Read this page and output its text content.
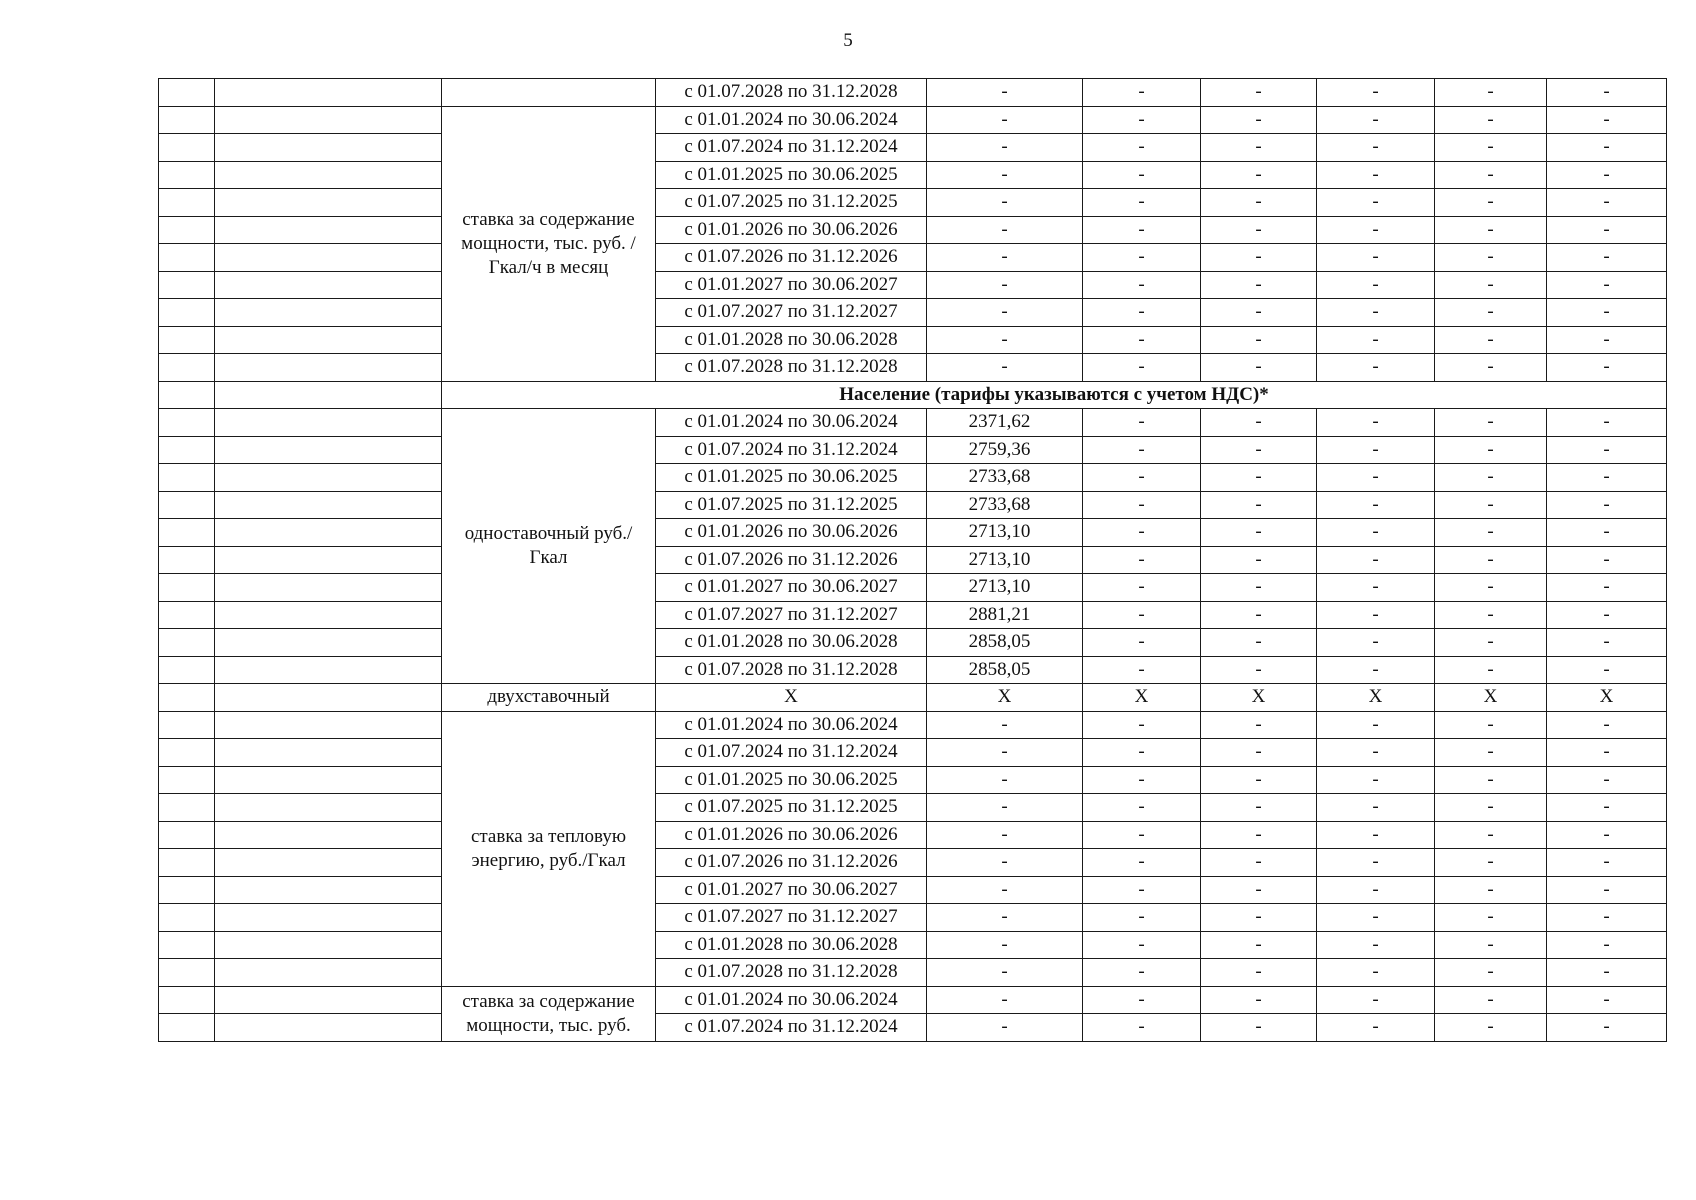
5
			с 01.07.2028 по 31.12.2028	-	-	-	-	-	-
		ставка за содержание мощности, тыс. руб. /Гкал/ч в месяц	с 01.01.2024 по 30.06.2024	-	-	-	-	-	-
			с 01.07.2024 по 31.12.2024	-	-	-	-	-	-
			с 01.01.2025 по 30.06.2025	-	-	-	-	-	-
			с 01.07.2025 по 31.12.2025	-	-	-	-	-	-
			с 01.01.2026 по 30.06.2026	-	-	-	-	-	-
			с 01.07.2026 по 31.12.2026	-	-	-	-	-	-
			с 01.01.2027 по 30.06.2027	-	-	-	-	-	-
			с 01.07.2027 по 31.12.2027	-	-	-	-	-	-
			с 01.01.2028 по 30.06.2028	-	-	-	-	-	-
			с 01.07.2028 по 31.12.2028	-	-	-	-	-	-
		Население (тарифы указываются с учетом НДС)*							
		одноставочный руб./Гкал	с 01.01.2024 по 30.06.2024	2371,62	-	-	-	-	-
			с 01.07.2024 по 31.12.2024	2759,36	-	-	-	-	-
			с 01.01.2025 по 30.06.2025	2733,68	-	-	-	-	-
			с 01.07.2025 по 31.12.2025	2733,68	-	-	-	-	-
			с 01.01.2026 по 30.06.2026	2713,10	-	-	-	-	-
			с 01.07.2026 по 31.12.2026	2713,10	-	-	-	-	-
			с 01.01.2027 по 30.06.2027	2713,10	-	-	-	-	-
			с 01.07.2027 по 31.12.2027	2881,21	-	-	-	-	-
			с 01.01.2028 по 30.06.2028	2858,05	-	-	-	-	-
			с 01.07.2028 по 31.12.2028	2858,05	-	-	-	-	-
		двухставочный	X	X	X	X	X	X	X
		ставка за тепловую энергию, руб./Гкал	с 01.01.2024 по 30.06.2024	-	-	-	-	-	-
			с 01.07.2024 по 31.12.2024	-	-	-	-	-	-
			с 01.01.2025 по 30.06.2025	-	-	-	-	-	-
			с 01.07.2025 по 31.12.2025	-	-	-	-	-	-
			с 01.01.2026 по 30.06.2026	-	-	-	-	-	-
			с 01.07.2026 по 31.12.2026	-	-	-	-	-	-
			с 01.01.2027 по 30.06.2027	-	-	-	-	-	-
			с 01.07.2027 по 31.12.2027	-	-	-	-	-	-
			с 01.01.2028 по 30.06.2028	-	-	-	-	-	-
			с 01.07.2028 по 31.12.2028	-	-	-	-	-	-
		ставка за содержание мощности, тыс. руб.	с 01.01.2024 по 30.06.2024	-	-	-	-	-	-
			с 01.07.2024 по 31.12.2024	-	-	-	-	-	-
